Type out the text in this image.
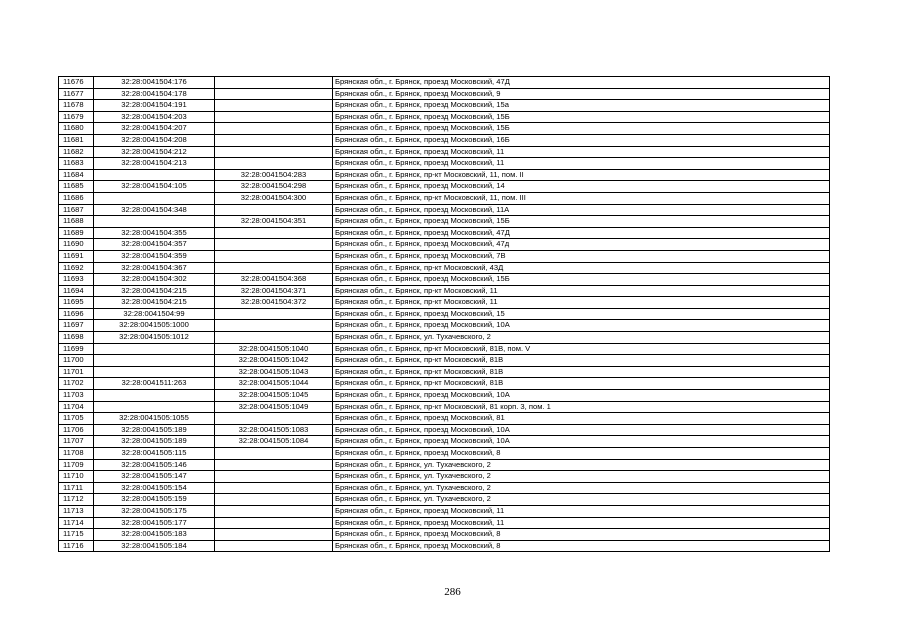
11676	32:28:0041504:176		Брянская обл., г. Брянск, проезд Московский, 47Д
11677	32:28:0041504:178		Брянская обл., г. Брянск, проезд Московский, 9
11678	32:28:0041504:191		Брянская обл., г. Брянск, проезд Московский, 15а
11679	32:28:0041504:203		Брянская обл., г. Брянск, проезд Московский, 15Б
11680	32:28:0041504:207		Брянская обл., г. Брянск, проезд Московский, 15Б
11681	32:28:0041504:208		Брянская обл., г. Брянск, проезд Московский, 16Б
11682	32:28:0041504:212		Брянская обл., г. Брянск, проезд Московский, 11
11683	32:28:0041504:213		Брянская обл., г. Брянск, проезд Московский, 11
11684		32:28:0041504:283	Брянская обл., г. Брянск, пр-кт Московский, 11, пом. II
11685	32:28:0041504:105	32:28:0041504:298	Брянская обл., г. Брянск, проезд Московский, 14
11686		32:28:0041504:300	Брянская обл., г. Брянск, пр-кт Московский, 11, пом. III
11687	32:28:0041504:348		Брянская обл., г. Брянск, проезд Московский, 11А
11688		32:28:0041504:351	Брянская обл., г. Брянск, проезд Московский, 15Б
11689	32:28:0041504:355		Брянская обл., г. Брянск, проезд Московский, 47Д
11690	32:28:0041504:357		Брянская обл., г. Брянск, проезд Московский, 47д
11691	32:28:0041504:359		Брянская обл., г. Брянск, проезд Московский, 7В
11692	32:28:0041504:367		Брянская обл., г. Брянск, пр-кт Московский, 43Д
11693	32:28:0041504:302	32:28:0041504:368	Брянская обл., г. Брянск, проезд Московский, 15Б
11694	32:28:0041504:215	32:28:0041504:371	Брянская обл., г. Брянск, пр-кт Московский, 11
11695	32:28:0041504:215	32:28:0041504:372	Брянская обл., г. Брянск, пр-кт Московский, 11
11696	32:28:0041504:99		Брянская обл., г. Брянск, проезд Московский, 15
11697	32:28:0041505:1000		Брянская обл., г. Брянск, проезд Московский, 10А
11698	32:28:0041505:1012		Брянская обл., г. Брянск, ул. Тухачевского, 2
11699		32:28:0041505:1040	Брянская обл., г. Брянск, пр-кт Московский, 81В, пом. V
11700		32:28:0041505:1042	Брянская обл., г. Брянск, пр-кт Московский, 81В
11701		32:28:0041505:1043	Брянская обл., г. Брянск, пр-кт Московский, 81В
11702	32:28:0041511:263	32:28:0041505:1044	Брянская обл., г. Брянск, пр-кт Московский, 81В
11703		32:28:0041505:1045	Брянская обл., г. Брянск, проезд Московский, 10А
11704		32:28:0041505:1049	Брянская обл., г. Брянск, пр-кт Московский, 81 корп. 3, пом. 1
11705	32:28:0041505:1055		Брянская обл., г. Брянск, проезд Московский, 81
11706	32:28:0041505:189	32:28:0041505:1083	Брянская обл., г. Брянск, проезд Московский, 10А
11707	32:28:0041505:189	32:28:0041505:1084	Брянская обл., г. Брянск, проезд Московский, 10А
11708	32:28:0041505:115		Брянская обл., г. Брянск, проезд Московский, 8
11709	32:28:0041505:146		Брянская обл., г. Брянск, ул. Тухачевского, 2
11710	32:28:0041505:147		Брянская обл., г. Брянск, ул. Тухачевского, 2
11711	32:28:0041505:154		Брянская обл., г. Брянск, ул. Тухачевского, 2
11712	32:28:0041505:159		Брянская обл., г. Брянск, ул. Тухачевского, 2
11713	32:28:0041505:175		Брянская обл., г. Брянск, проезд Московский, 11
11714	32:28:0041505:177		Брянская обл., г. Брянск, проезд Московский, 11
11715	32:28:0041505:183		Брянская обл., г. Брянск, проезд Московский, 8
11716	32:28:0041505:184		Брянская обл., г. Брянск, проезд Московский, 8
286
